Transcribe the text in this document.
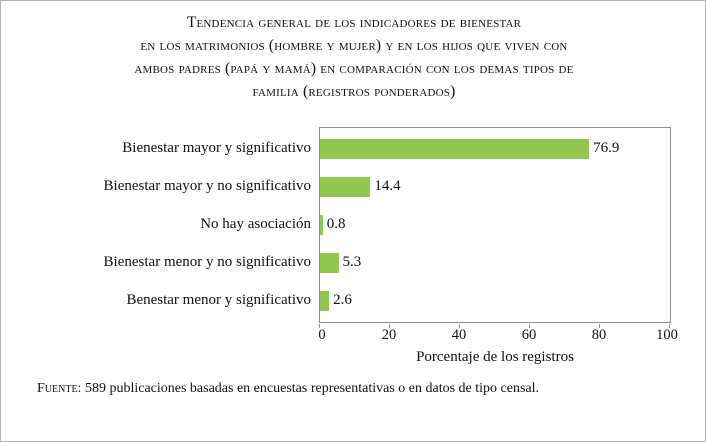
Tendencia general de los indicadores de bienestar
en los matrimonios (hombre y mujer) y en los hijos que viven con
ambos padres (papá y mamá) en comparación con los demas tipos de
familia (registros ponderados)
Bienestar mayor y significativo
Bienestar mayor y no significativo
No hay asociación
Bienestar menor y no significativo
Benestar menor y significativo
76.9
14.4
0.8
5.3
2.6
0	20	40	60	80	100
Porcentaje de los registros
Fuente: 589 publicaciones basadas en encuestas representativas o en datos de tipo censal.
